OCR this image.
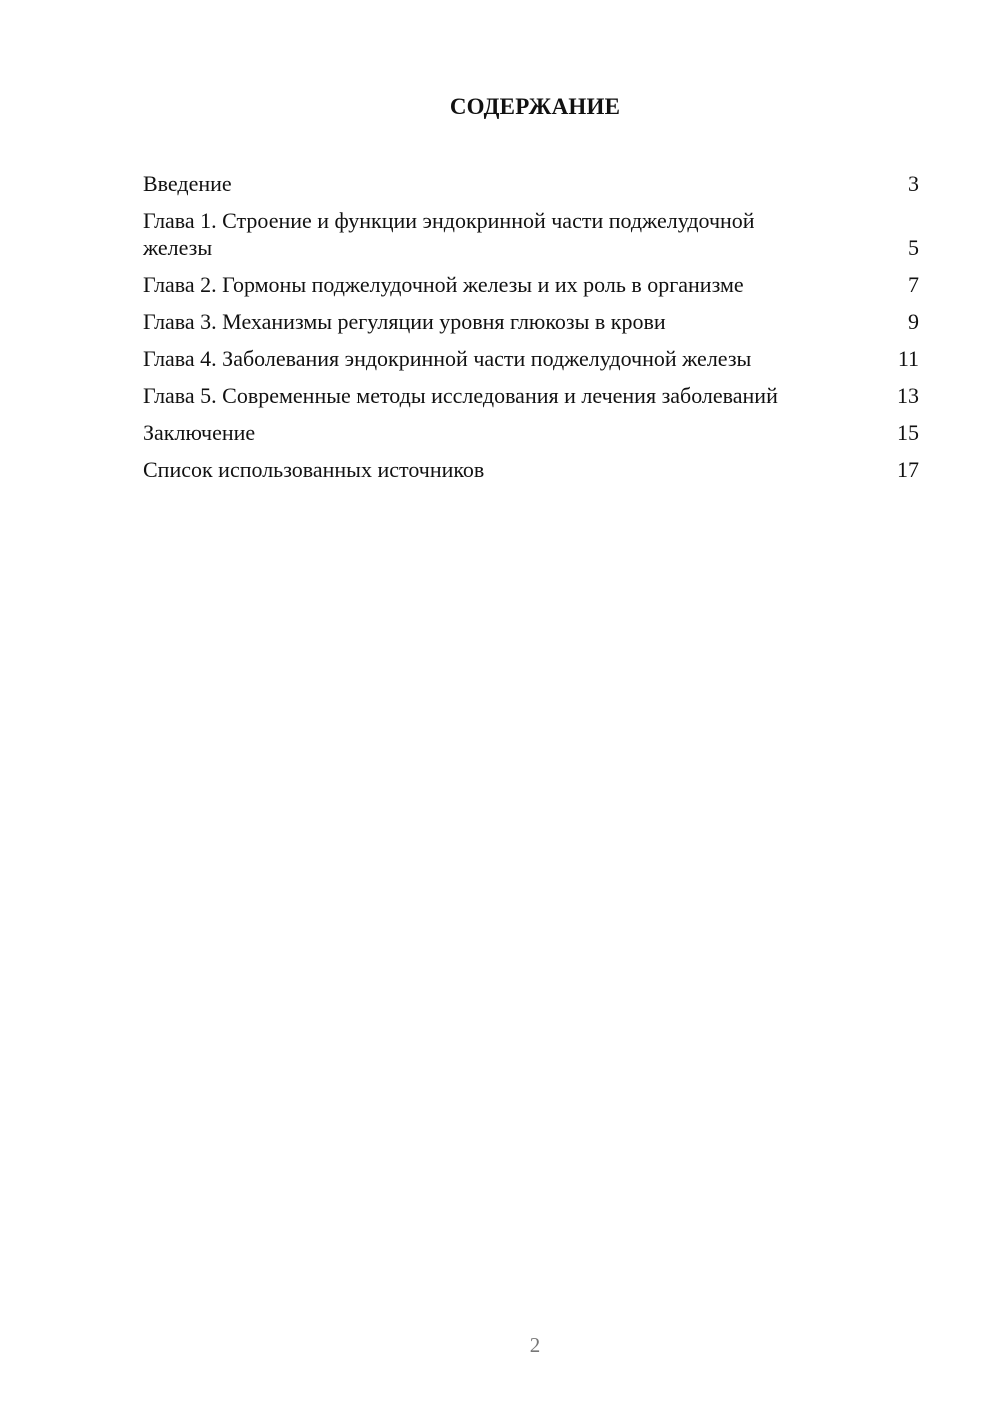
СОДЕРЖАНИЕ
Введение	3
Глава 1. Строение и функции эндокринной части поджелудочной железы	5
Глава 2. Гормоны поджелудочной железы и их роль в организме	7
Глава 3. Механизмы регуляции уровня глюкозы в крови	9
Глава 4. Заболевания эндокринной части поджелудочной железы	11
Глава 5. Современные методы исследования и лечения заболеваний	13
Заключение	15
Список использованных источников	17
2
